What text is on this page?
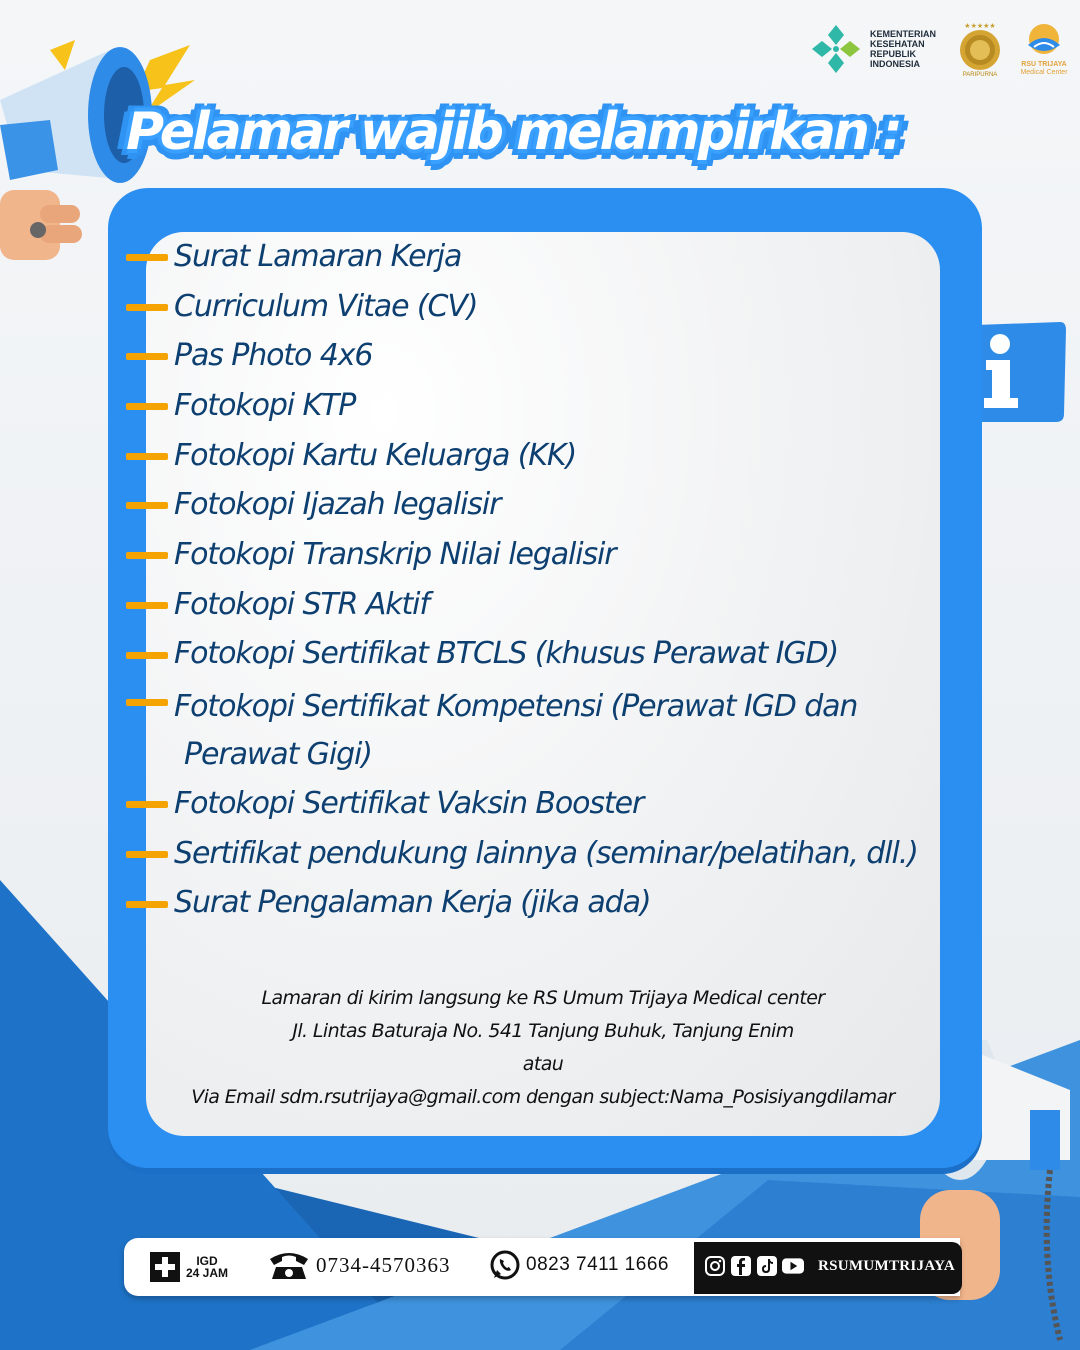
KEMENTERIAN
KESEHATAN
REPUBLIK
INDONESIA
★★★★★
PARIPURNA
RSU TRIJAYA
Medical Center
Pelamar wajib melampirkan :
Surat Lamaran Kerja
Curriculum Vitae (CV)
Pas Photo 4x6
Fotokopi KTP
Fotokopi Kartu Keluarga (KK)
Fotokopi Ijazah legalisir
Fotokopi Transkrip Nilai legalisir
Fotokopi STR Aktif
Fotokopi Sertifikat BTCLS (khusus Perawat IGD)
Fotokopi Sertifikat Kompetensi (Perawat IGD dan
Perawat Gigi)
Fotokopi Sertifikat Vaksin Booster
Sertifikat pendukung lainnya (seminar/pelatihan, dll.)
Surat Pengalaman Kerja (jika ada)
Lamaran di kirim langsung ke RS Umum Trijaya Medical center
Jl. Lintas Baturaja No. 541 Tanjung Buhuk, Tanjung Enim
atau
Via Email sdm.rsutrijaya@gmail.com dengan subject:Nama_Posisiyangdilamar
IGD
24 JAM	0734-4570363	0823 7411 1666	RSUMUMTRIJAYA
